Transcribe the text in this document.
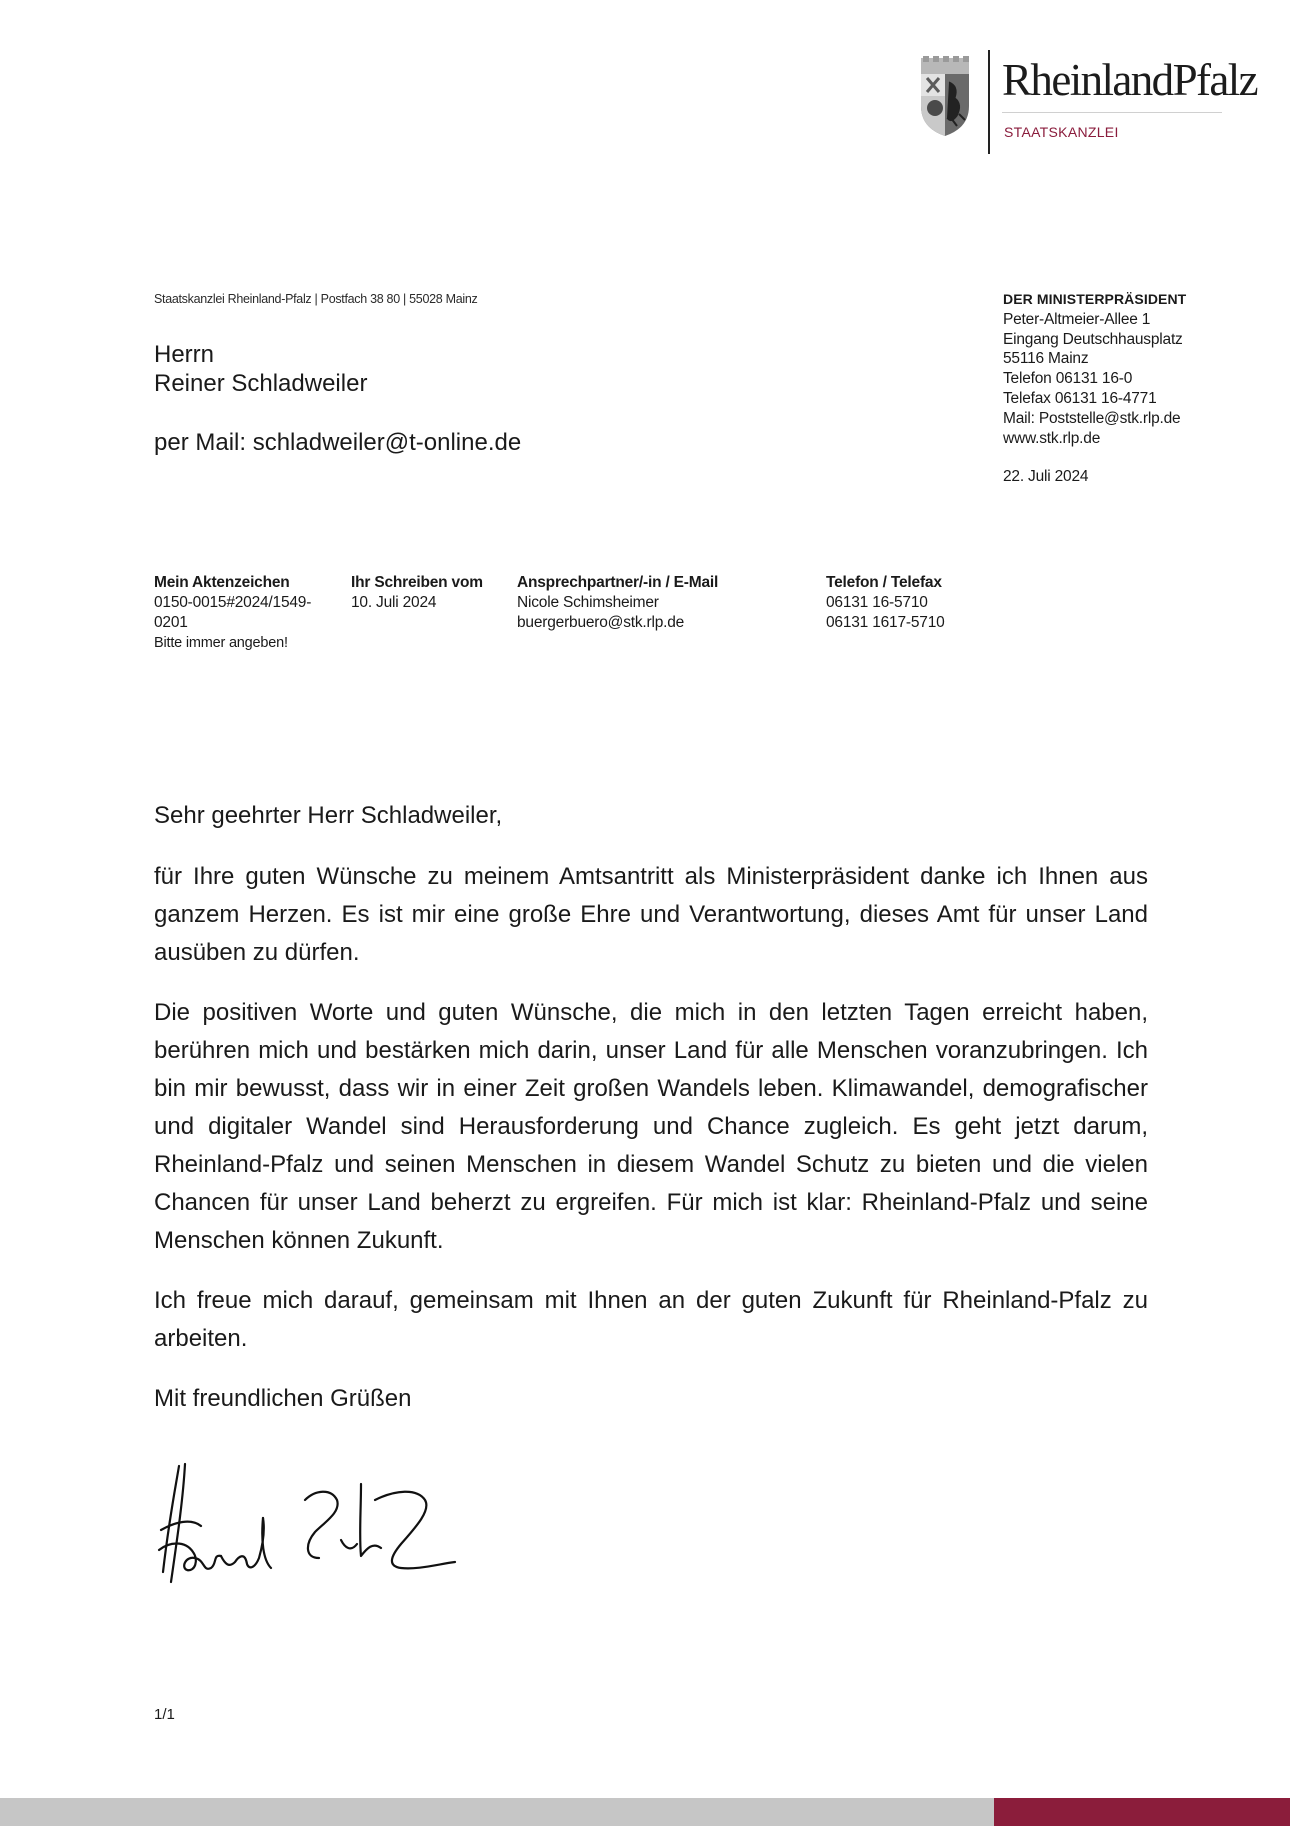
RheinlandPfalz
STAATSKANZLEI
Staatskanzlei Rheinland-Pfalz | Postfach 38 80 | 55028 Mainz
Herrn
Reiner Schladweiler
per Mail: schladweiler@t-online.de
DER MINISTERPRÄSIDENT
Peter-Altmeier-Allee 1
Eingang Deutschhausplatz
55116 Mainz
Telefon 06131 16-0
Telefax 06131 16-4771
Mail: Poststelle@stk.rlp.de
www.stk.rlp.de
22. Juli 2024
Mein Aktenzeichen
0150-0015#2024/1549-
0201
Bitte immer angeben!
Ihr Schreiben vom
10. Juli 2024
Ansprechpartner/-in / E-Mail
Nicole Schimsheimer
buergerbuero@stk.rlp.de
Telefon / Telefax
06131 16-5710
06131 1617-5710

Sehr geehrter Herr Schladweiler,

für Ihre guten Wünsche zu meinem Amtsantritt als Ministerpräsident danke ich Ihnen aus ganzem Herzen. Es ist mir eine große Ehre und Verantwortung, dieses Amt für unser Land ausüben zu dürfen.

Die positiven Worte und guten Wünsche, die mich in den letzten Tagen erreicht haben, berühren mich und bestärken mich darin, unser Land für alle Menschen voranzubringen. Ich bin mir bewusst, dass wir in einer Zeit großen Wandels leben. Klimawandel, demografischer und digitaler Wandel sind Herausforderung und Chance zugleich. Es geht jetzt darum, Rheinland-Pfalz und seinen Menschen in diesem Wandel Schutz zu bieten und die vielen Chancen für unser Land beherzt zu ergreifen. Für mich ist klar: Rheinland-Pfalz und seine Menschen können Zukunft.

Ich freue mich darauf, gemeinsam mit Ihnen an der guten Zukunft für Rheinland-Pfalz zu arbeiten.

Mit freundlichen Grüßen

1/1
